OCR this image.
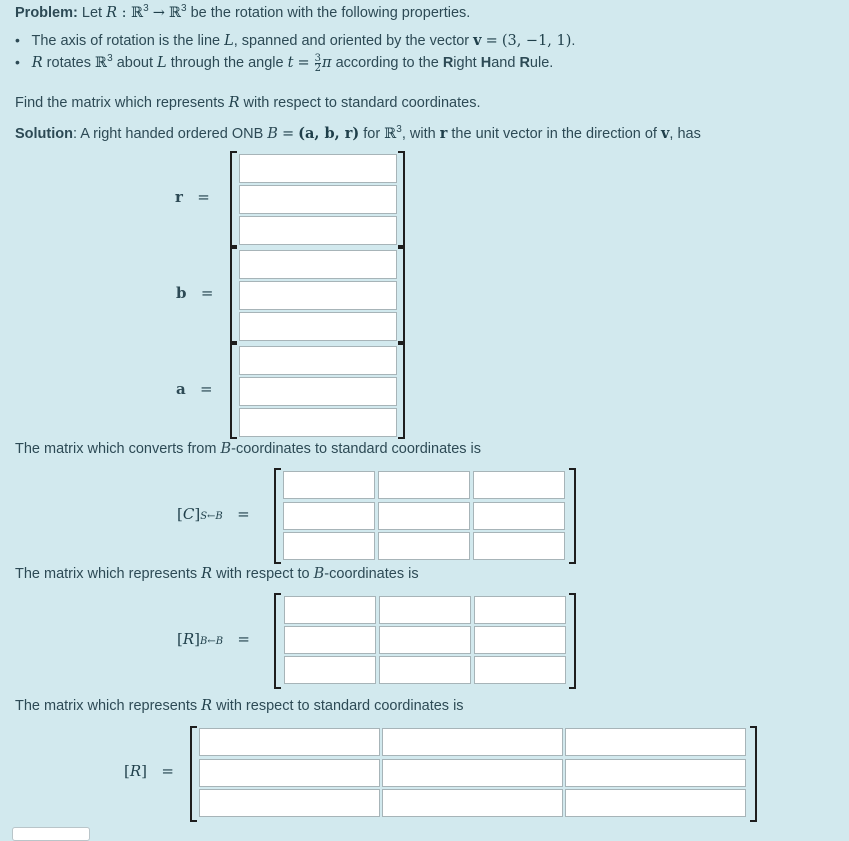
Problem: Let R : ℝ$^3$ → ℝ$^3$ be the rotation with the following properties.
•   The axis of rotation is the line L, spanned and oriented by the vector v = (3, −1, 1).
•   R rotates ℝ$^3$ about L through the angle $t = \frac{3}{2}$ π according to the Right Hand Rule.
Find the matrix which represents R with respect to standard coordinates.
Solution: A right handed ordered ONB B = (a, b, r) for ℝ$^3$, with r the unit vector in the direction of v, has
r =
b =
a =
The matrix which converts from B-coordinates to standard coordinates is
[C]S←B =
The matrix which represents R with respect to B-coordinates is
[R]B←B =
The matrix which represents R with respect to standard coordinates is
[R]   =
